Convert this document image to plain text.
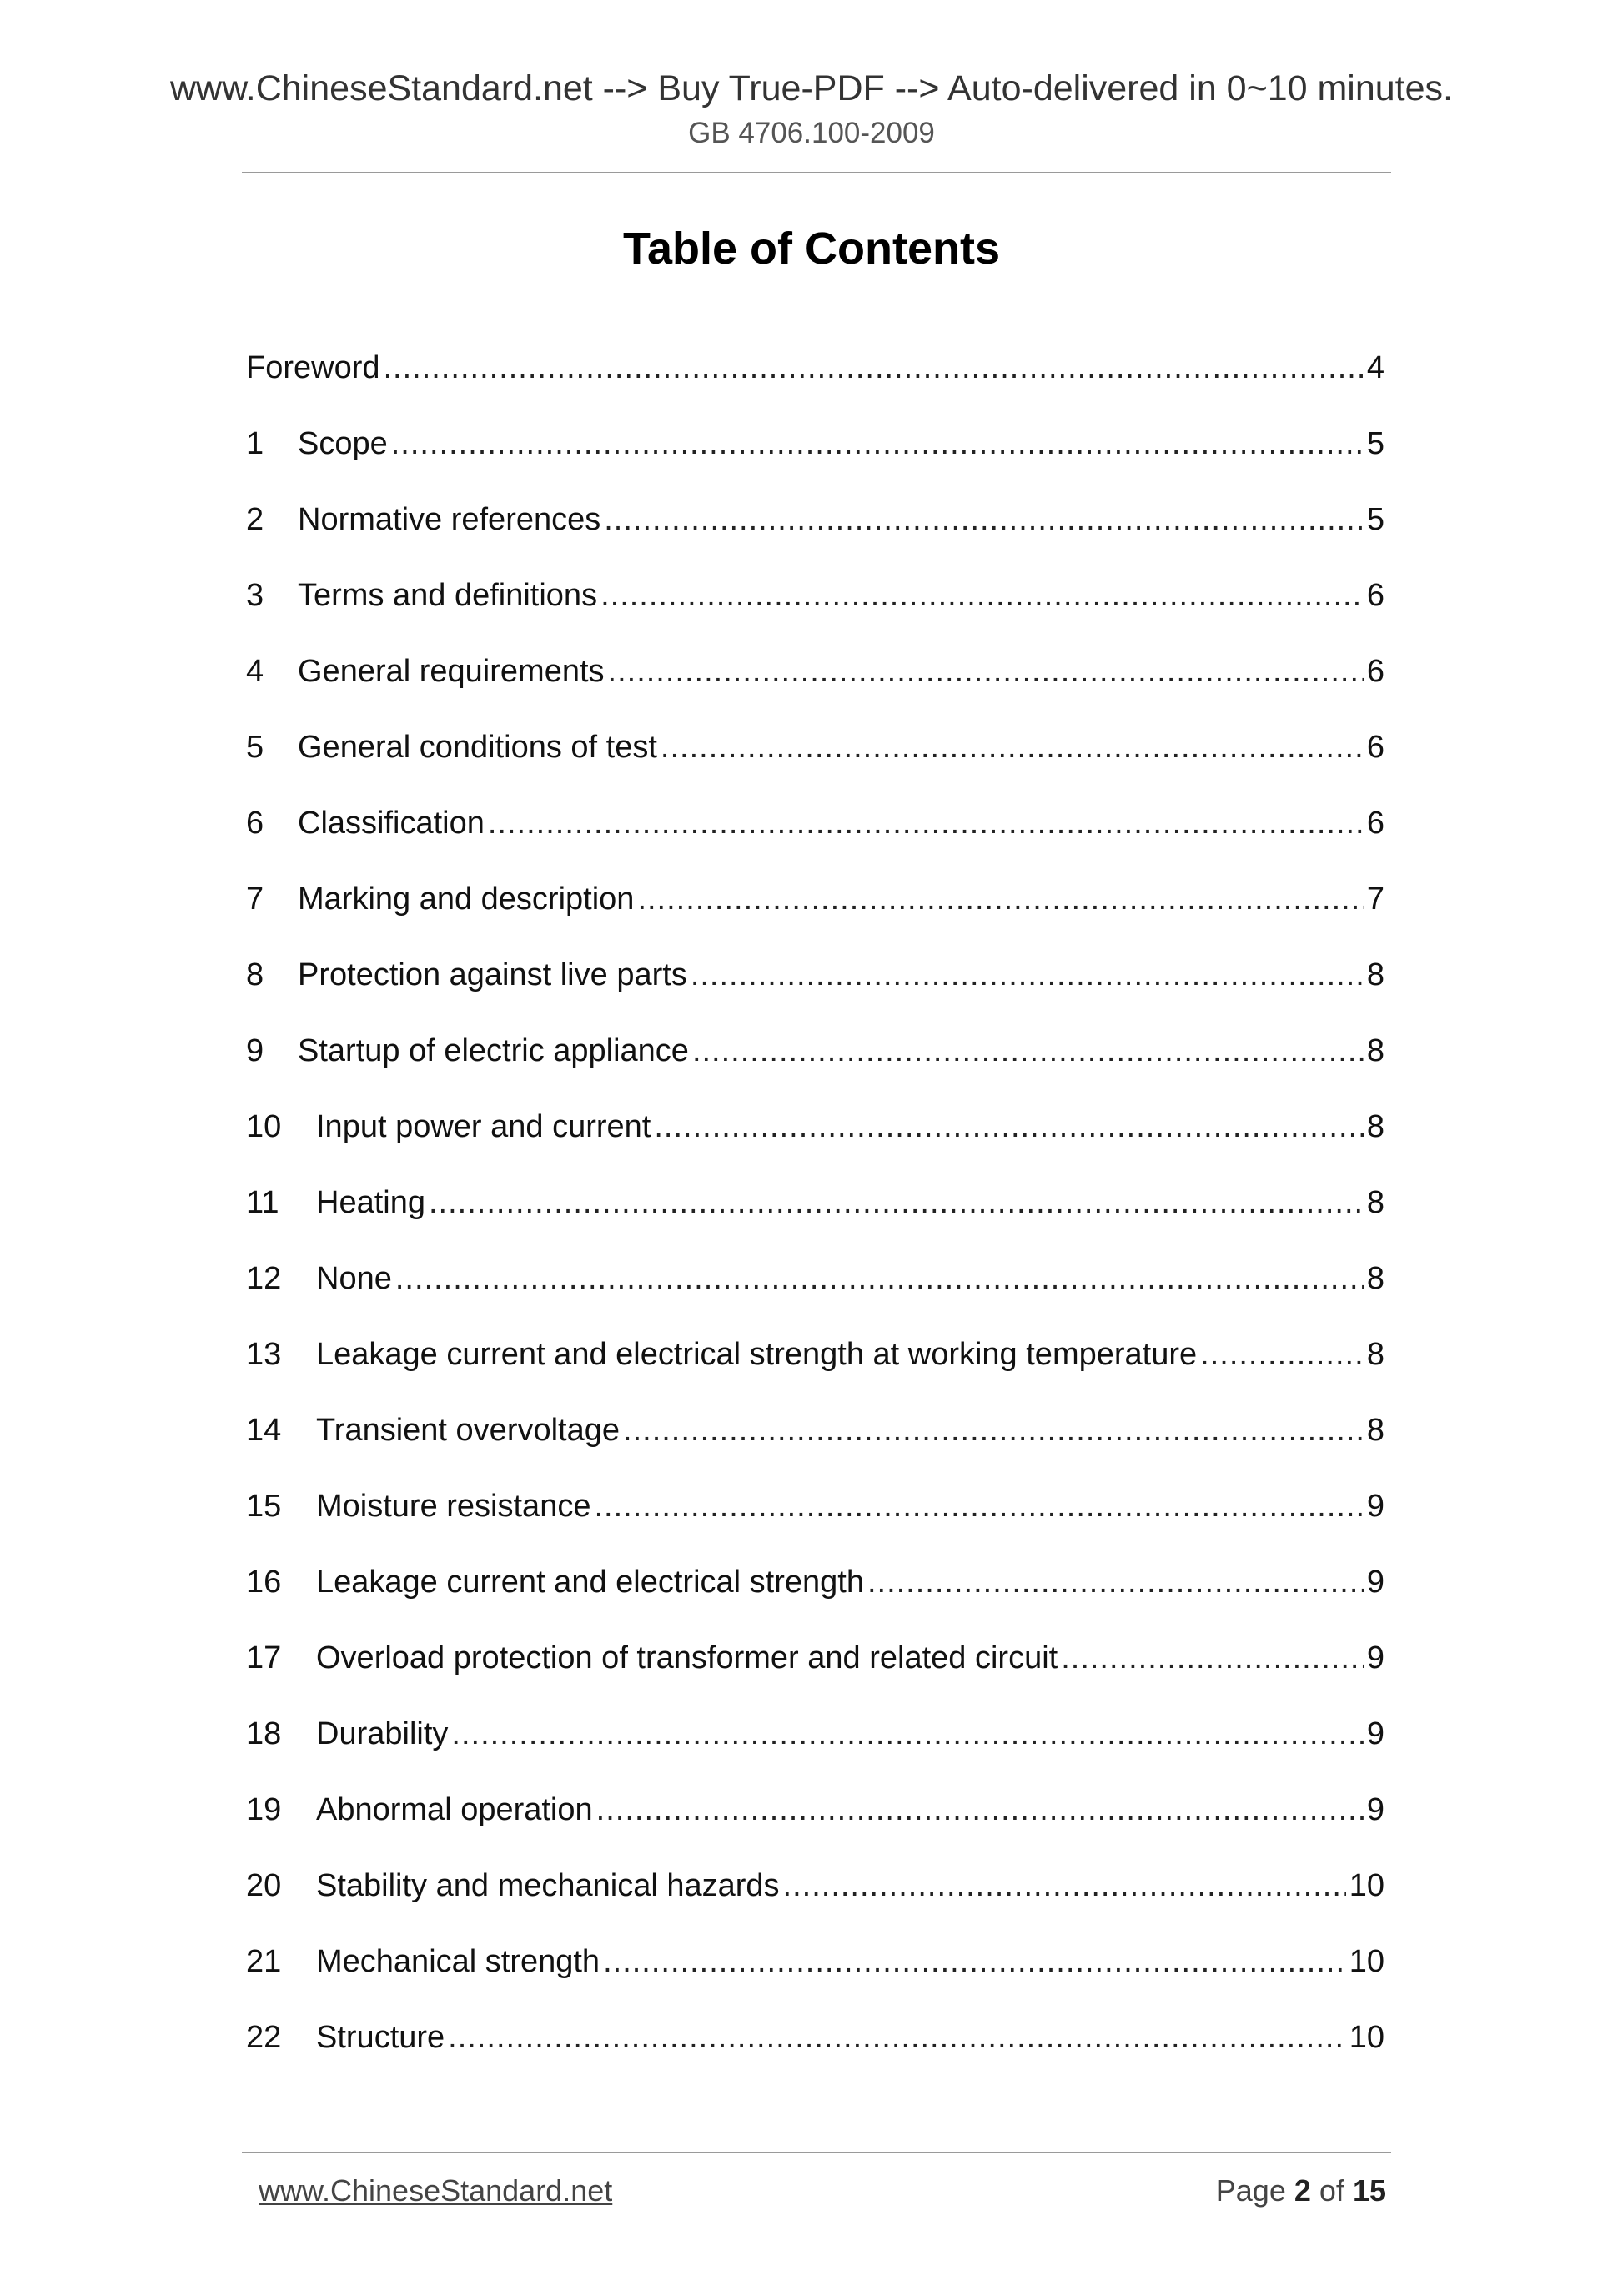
www.ChineseStandard.net --> Buy True-PDF --> Auto-delivered in 0~10 minutes.
GB 4706.100-2009
Table of Contents
Foreword .....	4
1	Scope .....	5
2	Normative references .....	5
3	Terms and definitions .....	6
4	General requirements .....	6
5	General conditions of test .....	6
6	Classification .....	6
7	Marking and description .....	7
8	Protection against live parts .....	8
9	Startup of electric appliance .....	8
10	Input power and current .....	8
11	Heating .....	8
12	None .....	8
13	Leakage current and electrical strength at working temperature .....	8
14	Transient overvoltage .....	8
15	Moisture resistance .....	9
16	Leakage current and electrical strength .....	9
17	Overload protection of transformer and related circuit .....	9
18	Durability .....	9
19	Abnormal operation .....	9
20	Stability and mechanical hazards .....	10
21	Mechanical strength .....	10
22	Structure .....	10
www.ChineseStandard.net	Page 2 of 15
